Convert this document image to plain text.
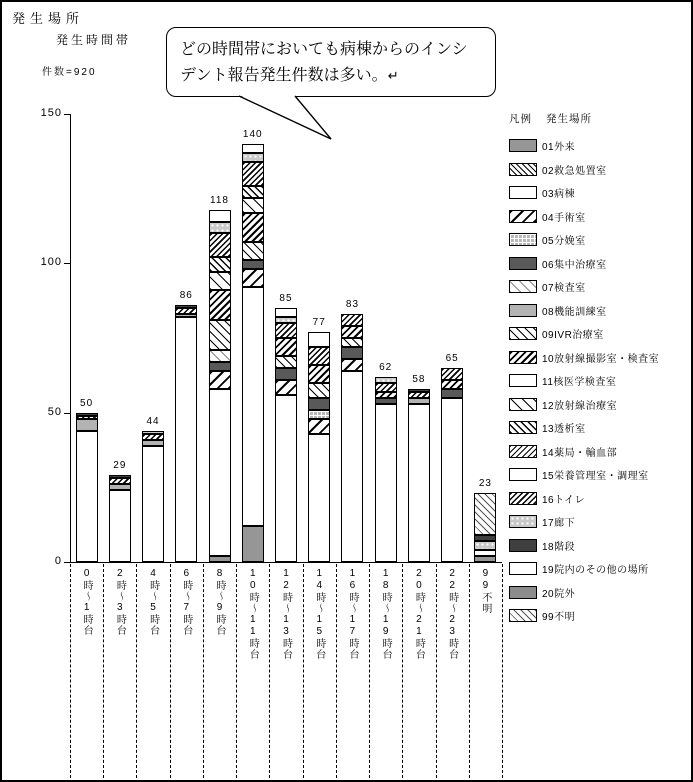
発生場所
発生時間帯
件数=920
どの時間帯においても病棟からのインシデント報告発生件数は多い。↵
0
50
100
150
50
0時〜1時台
29
2時〜3時台
44
4時〜5時台
86
6時〜7時台
118
8時〜9時台
140
10時〜11時台
85
12時〜13時台
77
14時〜15時台
83
16時〜17時台
62
18時〜19時台
58
20時〜21時台
65
22時〜23時台
23
99不明
凡例 発生場所
01外来
02救急処置室
03病棟
04手術室
05分娩室
06集中治療室
07検査室
08機能訓練室
09IVR治療室
10放射線撮影室・検査室
11核医学検査室
12放射線治療室
13透析室
14薬局・輸血部
15栄養管理室・調理室
16トイレ
17廊下
18階段
19院内のその他の場所
20院外
99不明
